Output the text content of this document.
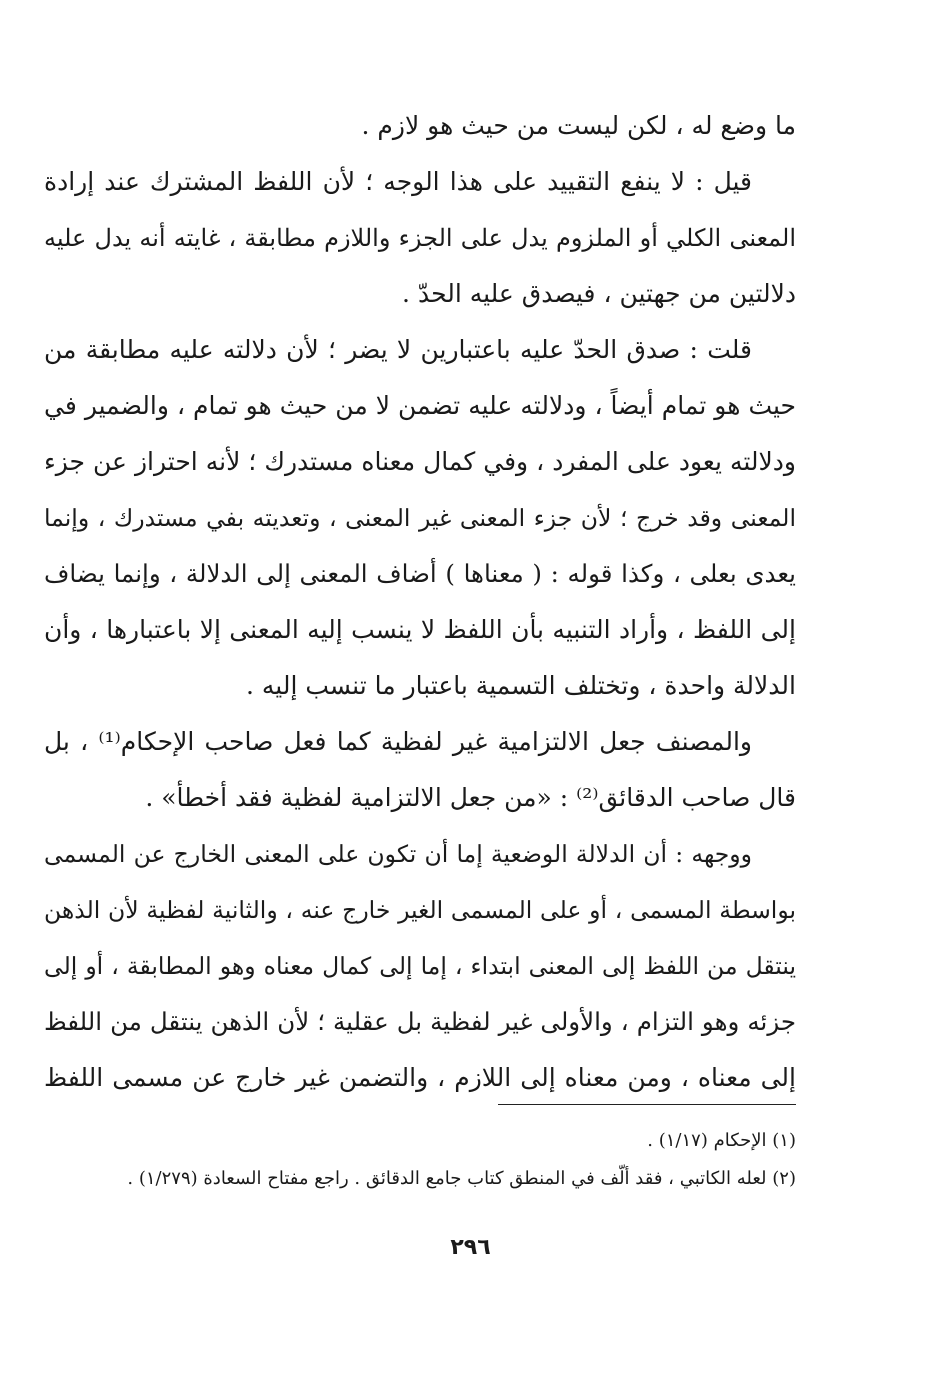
ما وضع له ، لكن ليست من حيث هو لازم .
قيل : لا ينفع التقييد على هذا الوجه ؛ لأن اللفظ المشترك عند إرادة
المعنى الكلي أو الملزوم يدل على الجزء واللازم مطابقة ، غايته أنه يدل عليه
دلالتين من جهتين ، فيصدق عليه الحدّ .
قلت : صدق الحدّ عليه باعتبارين لا يضر ؛ لأن دلالته عليه مطابقة من
حيث هو تمام أيضاً ، ودلالته عليه تضمن لا من حيث هو تمام ، والضمير في
ودلالته يعود على المفرد ، وفي كمال معناه مستدرك ؛ لأنه احتراز عن جزء
المعنى وقد خرج ؛ لأن جزء المعنى غير المعنى ، وتعديته بفي مستدرك ، وإنما
يعدى بعلى ، وكذا قوله : ( معناها ) أضاف المعنى إلى الدلالة ، وإنما يضاف
إلى اللفظ ، وأراد التنبيه بأن اللفظ لا ينسب إليه المعنى إلا باعتبارها ، وأن
الدلالة واحدة ، وتختلف التسمية باعتبار ما تنسب إليه .
والمصنف جعل الالتزامية غير لفظية كما فعل صاحب الإحكام⁽¹⁾ ، بل
قال صاحب الدقائق⁽²⁾ : «من جعل الالتزامية لفظية فقد أخطأ» .
ووجهه : أن الدلالة الوضعية إما أن تكون على المعنى الخارج عن المسمى
بواسطة المسمى ، أو على المسمى الغير خارج عنه ، والثانية لفظية لأن الذهن
ينتقل من اللفظ إلى المعنى ابتداء ، إما إلى كمال معناه وهو المطابقة ، أو إلى
جزئه وهو التزام ، والأولى غير لفظية بل عقلية ؛ لأن الذهن ينتقل من اللفظ
إلى معناه ، ومن معناه إلى اللازم ، والتضمن غير خارج عن مسمى اللفظ
(١) الإحكام (١/١٧) .
(٢) لعله الكاتبي ، فقد ألّف في المنطق كتاب جامع الدقائق . راجع مفتاح السعادة (١/٢٧٩) .
٢٩٦
